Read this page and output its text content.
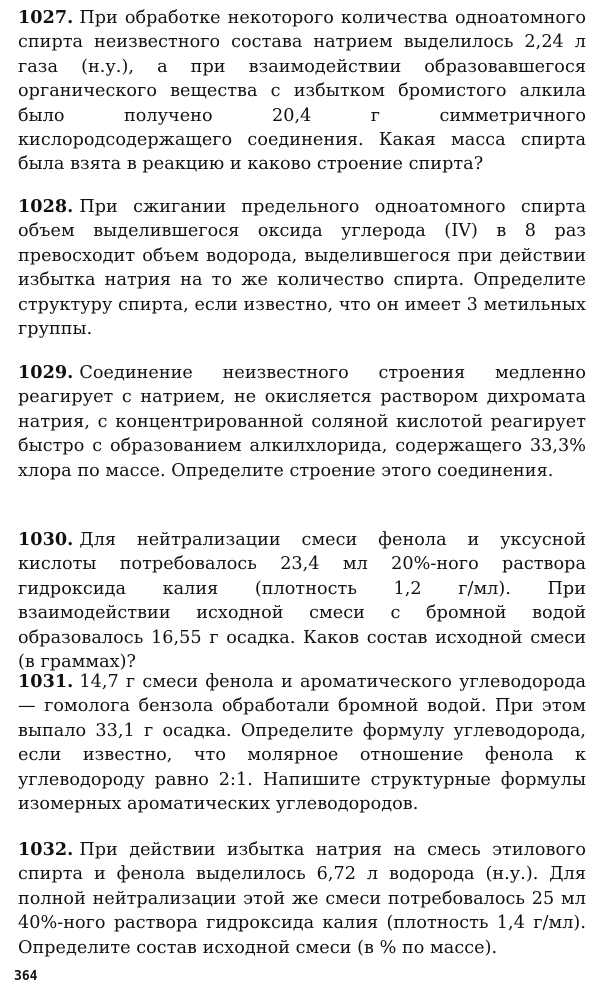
1027. При обработке некоторого количества одноатомного спирта неизвестного состава натрием выделилось 2,24 л газа (н.у.), а при взаимодействии образовавшегося органического вещества с избытком бромистого алкила было получено 20,4 г симметричного кислородсодержащего соединения. Какая масса спирта была взята в реакцию и каково строение спирта?

1028. При сжигании предельного одноатомного спирта объем выделившегося оксида углерода (IV) в 8 раз превосходит объем водорода, выделившегося при действии избытка натрия на то же количество спирта. Определите структуру спирта, если известно, что он имеет 3 метильных группы.

1029. Соединение неизвестного строения медленно реагирует с натрием, не окисляется раствором дихромата натрия, с концентрированной соляной кислотой реагирует быстро с образованием алкилхлорида, содержащего 33,3% хлора по массе. Определите строение этого соединения.

1030. Для нейтрализации смеси фенола и уксусной кислоты потребовалось 23,4 мл 20%-ного раствора гидроксида калия (плотность 1,2 г/мл). При взаимодействии исходной смеси с бромной водой образовалось 16,55 г осадка. Каков состав исходной смеси (в граммах)?

1031. 14,7 г смеси фенола и ароматического углеводорода — гомолога бензола обработали бромной водой. При этом выпало 33,1 г осадка. Определите формулу углеводорода, если известно, что молярное отношение фенола к углеводороду равно 2:1. Напишите структурные формулы изомерных ароматических углеводородов.

1032. При действии избытка натрия на смесь этилового спирта и фенола выделилось 6,72 л водорода (н.у.). Для полной нейтрализации этой же смеси потребовалось 25 мл 40%-ного раствора гидроксида калия (плотность 1,4 г/мл). Определите состав исходной смеси (в % по массе).

364
